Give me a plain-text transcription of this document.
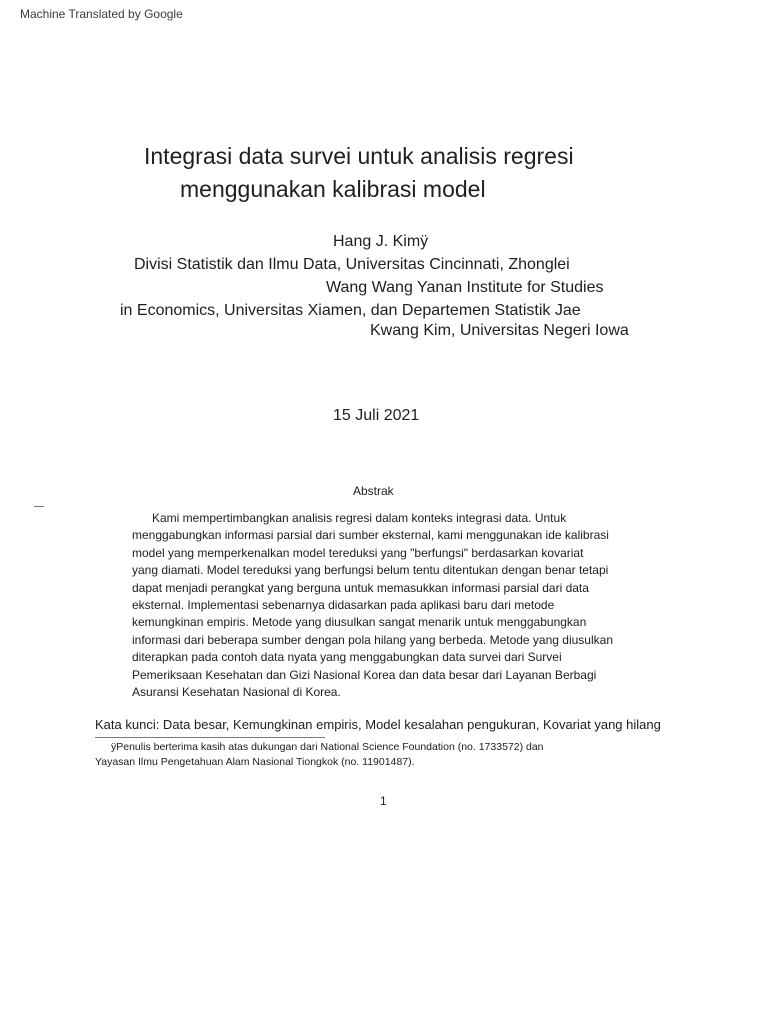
Machine Translated by Google
Integrasi data survei untuk analisis regresi
menggunakan kalibrasi model
Hang J. Kimÿ
Divisi Statistik dan Ilmu Data, Universitas Cincinnati, Zhonglei
Wang Wang Yanan Institute for Studies
in Economics, Universitas Xiamen, dan Departemen Statistik Jae
Kwang Kim, Universitas Negeri Iowa
15 Juli 2021
Abstrak
Kami mempertimbangkan analisis regresi dalam konteks integrasi data. Untuk
menggabungkan informasi parsial dari sumber eksternal, kami menggunakan ide kalibrasi
model yang memperkenalkan model tereduksi yang "berfungsi" berdasarkan kovariat
yang diamati. Model tereduksi yang berfungsi belum tentu ditentukan dengan benar tetapi
dapat menjadi perangkat yang berguna untuk memasukkan informasi parsial dari data
eksternal. Implementasi sebenarnya didasarkan pada aplikasi baru dari metode
kemungkinan empiris. Metode yang diusulkan sangat menarik untuk menggabungkan
informasi dari beberapa sumber dengan pola hilang yang berbeda. Metode yang diusulkan
diterapkan pada contoh data nyata yang menggabungkan data survei dari Survei
Pemeriksaan Kesehatan dan Gizi Nasional Korea dan data besar dari Layanan Berbagi
Asuransi Kesehatan Nasional di Korea.
Kata kunci: Data besar, Kemungkinan empiris, Model kesalahan pengukuran, Kovariat yang hilang
ÿPenulis berterima kasih atas dukungan dari National Science Foundation (no. 1733572) dan
Yayasan Ilmu Pengetahuan Alam Nasional Tiongkok (no. 11901487).
1
